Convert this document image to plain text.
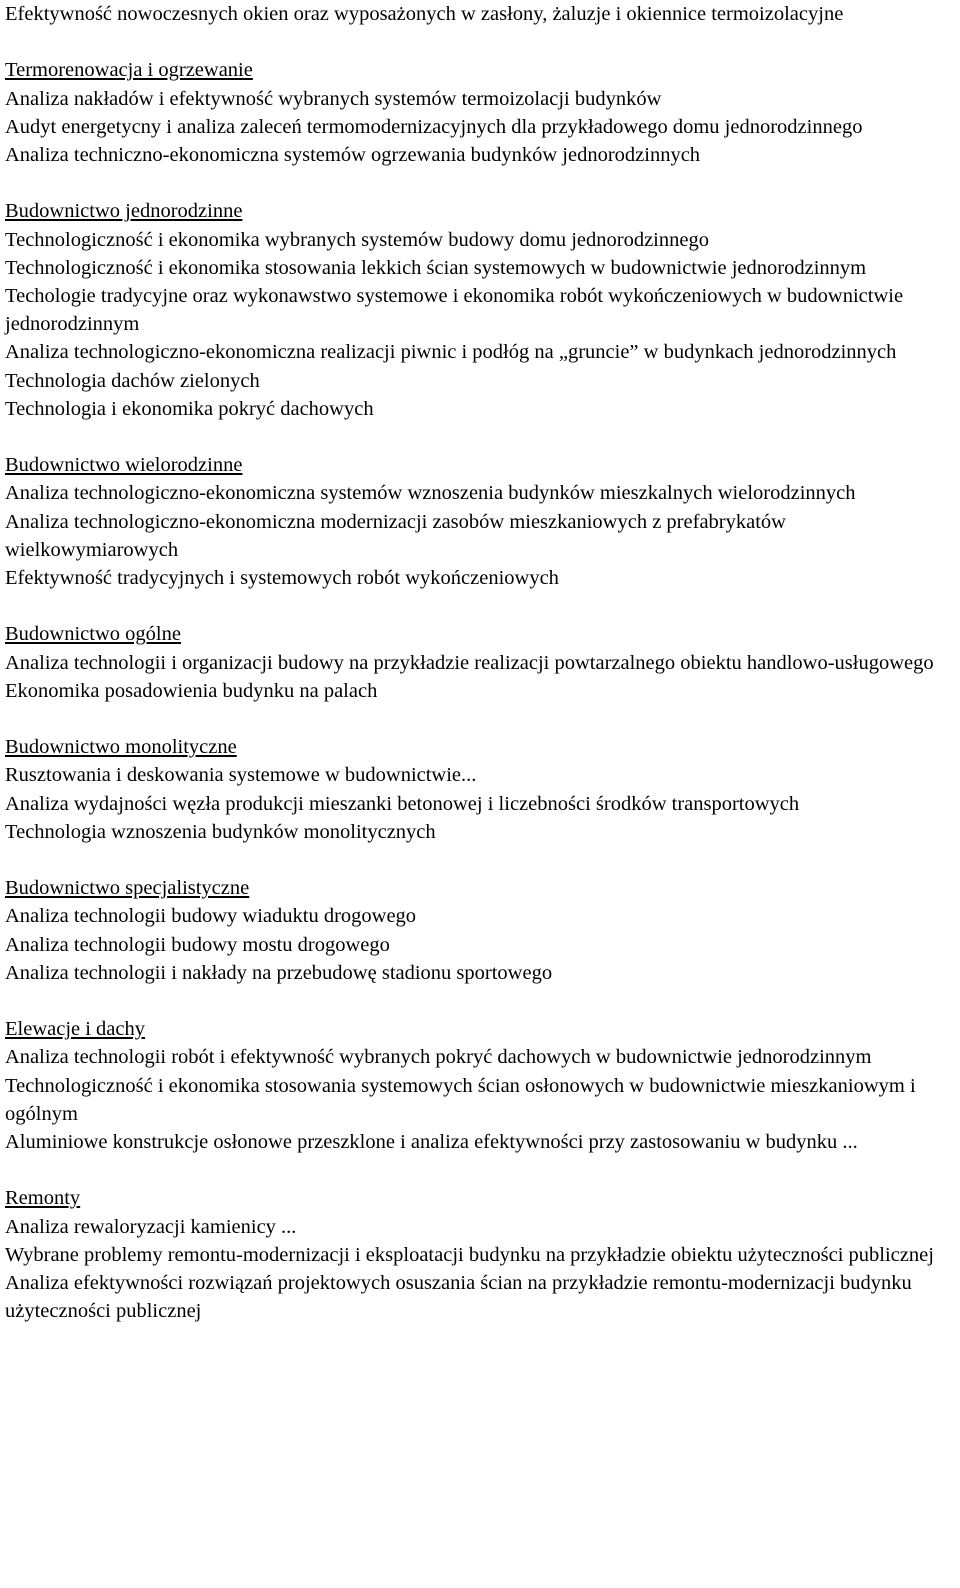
Efektywność nowoczesnych okien oraz wyposażonych w zasłony, żaluzje i okiennice termoizolacyjne
Termorenowacja i ogrzewanie
Analiza nakładów i efektywność wybranych systemów termoizolacji budynków
Audyt energetycny i analiza zaleceń termomodernizacyjnych dla przykładowego domu jednorodzinnego
Analiza techniczno-ekonomiczna systemów ogrzewania budynków jednorodzinnych
Budownictwo jednorodzinne
Technologiczność i ekonomika wybranych systemów budowy domu jednorodzinnego
Technologiczność i ekonomika stosowania lekkich ścian systemowych w budownictwie jednorodzinnym
Techologie tradycyjne oraz wykonawstwo systemowe i ekonomika robót wykończeniowych w budownictwie jednorodzinnym
Analiza technologiczno-ekonomiczna realizacji piwnic i podłóg na „gruncie” w budynkach jednorodzinnych
Technologia dachów zielonych
Technologia i ekonomika pokryć dachowych
Budownictwo wielorodzinne
Analiza technologiczno-ekonomiczna systemów wznoszenia budynków mieszkalnych wielorodzinnych
Analiza technologiczno-ekonomiczna modernizacji zasobów mieszkaniowych z prefabrykatów wielkowymiarowych
Efektywność tradycyjnych i systemowych robót wykończeniowych
Budownictwo ogólne
Analiza technologii i organizacji budowy na przykładzie realizacji powtarzalnego obiektu handlowo-usługowego
Ekonomika posadowienia budynku na palach
Budownictwo monolityczne
Rusztowania i deskowania systemowe w budownictwie...
Analiza wydajności węzła produkcji mieszanki betonowej i liczebności środków transportowych
Technologia wznoszenia budynków monolitycznych
Budownictwo specjalistyczne
Analiza technologii budowy wiaduktu drogowego
Analiza technologii budowy mostu drogowego
Analiza technologii i nakłady na przebudowę stadionu sportowego
Elewacje i dachy
Analiza technologii robót i efektywność wybranych pokryć dachowych w budownictwie jednorodzinnym
Technologiczność i ekonomika stosowania systemowych ścian osłonowych w budownictwie mieszkaniowym i ogólnym
Aluminiowe konstrukcje osłonowe przeszklone i analiza efektywności przy zastosowaniu w budynku ...
Remonty
Analiza rewaloryzacji kamienicy ...
Wybrane problemy remontu-modernizacji i eksploatacji budynku na przykładzie obiektu użyteczności publicznej
Analiza efektywności rozwiązań projektowych osuszania ścian na przykładzie remontu-modernizacji budynku użyteczności publicznej
